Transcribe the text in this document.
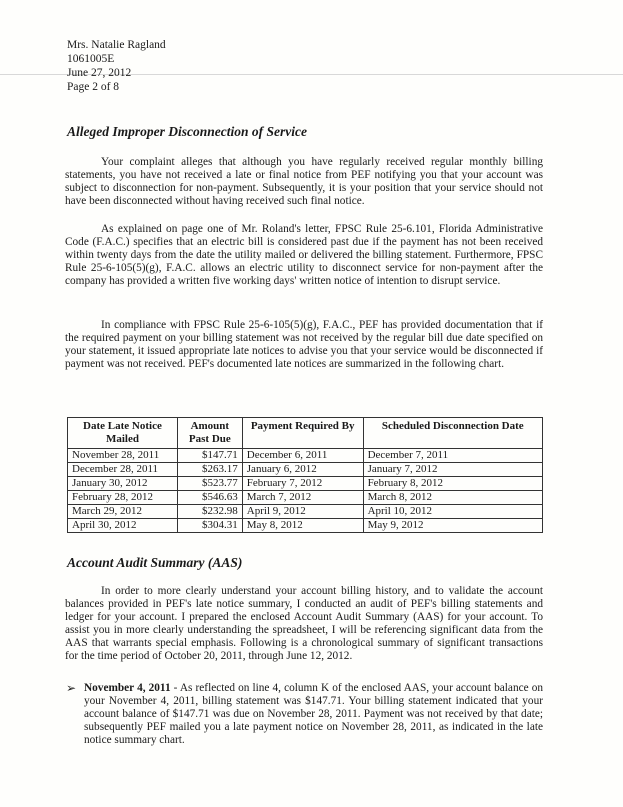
Mrs. Natalie Ragland
1061005E
June 27, 2012
Page 2 of 8
Alleged Improper Disconnection of Service

Your complaint alleges that although you have regularly received regular monthly billing statements, you have not received a late or final notice from PEF notifying you that your account was subject to disconnection for non-payment. Subsequently, it is your position that your service should not have been disconnected without having received such final notice.

As explained on page one of Mr. Roland's letter, FPSC Rule 25-6.101, Florida Administrative Code (F.A.C.) specifies that an electric bill is considered past due if the payment has not been received within twenty days from the date the utility mailed or delivered the billing statement. Furthermore, FPSC Rule 25-6-105(5)(g), F.A.C. allows an electric utility to disconnect service for non-payment after the company has provided a written five working days' written notice of intention to disrupt service.

In compliance with FPSC Rule 25-6-105(5)(g), F.A.C., PEF has provided documentation that if the required payment on your billing statement was not received by the regular bill due date specified on your statement, it issued appropriate late notices to advise you that your service would be disconnected if payment was not received. PEF's documented late notices are summarized in the following chart.

Date Late Notice Mailed	Amount Past Due	Payment Required By	Scheduled Disconnection Date
November 28, 2011	$147.71	December 6, 2011	December 7, 2011
December 28, 2011	$263.17	January 6, 2012	January 7, 2012
January 30, 2012	$523.77	February 7, 2012	February 8, 2012
February 28, 2012	$546.63	March 7, 2012	March 8, 2012
March 29, 2012	$232.98	April 9, 2012	April 10, 2012
April 30, 2012	$304.31	May 8, 2012	May 9, 2012
Account Audit Summary (AAS)

In order to more clearly understand your account billing history, and to validate the account balances provided in PEF's late notice summary, I conducted an audit of PEF's billing statements and ledger for your account. I prepared the enclosed Account Audit Summary (AAS) for your account. To assist you in more clearly understanding the spreadsheet, I will be referencing significant data from the AAS that warrants special emphasis. Following is a chronological summary of significant transactions for the time period of October 20, 2011, through June 12, 2012.

➢ November 4, 2011 - As reflected on line 4, column K of the enclosed AAS, your account balance on your November 4, 2011, billing statement was $147.71. Your billing statement indicated that your account balance of $147.71 was due on November 28, 2011. Payment was not received by that date; subsequently PEF mailed you a late payment notice on November 28, 2011, as indicated in the late notice summary chart.
